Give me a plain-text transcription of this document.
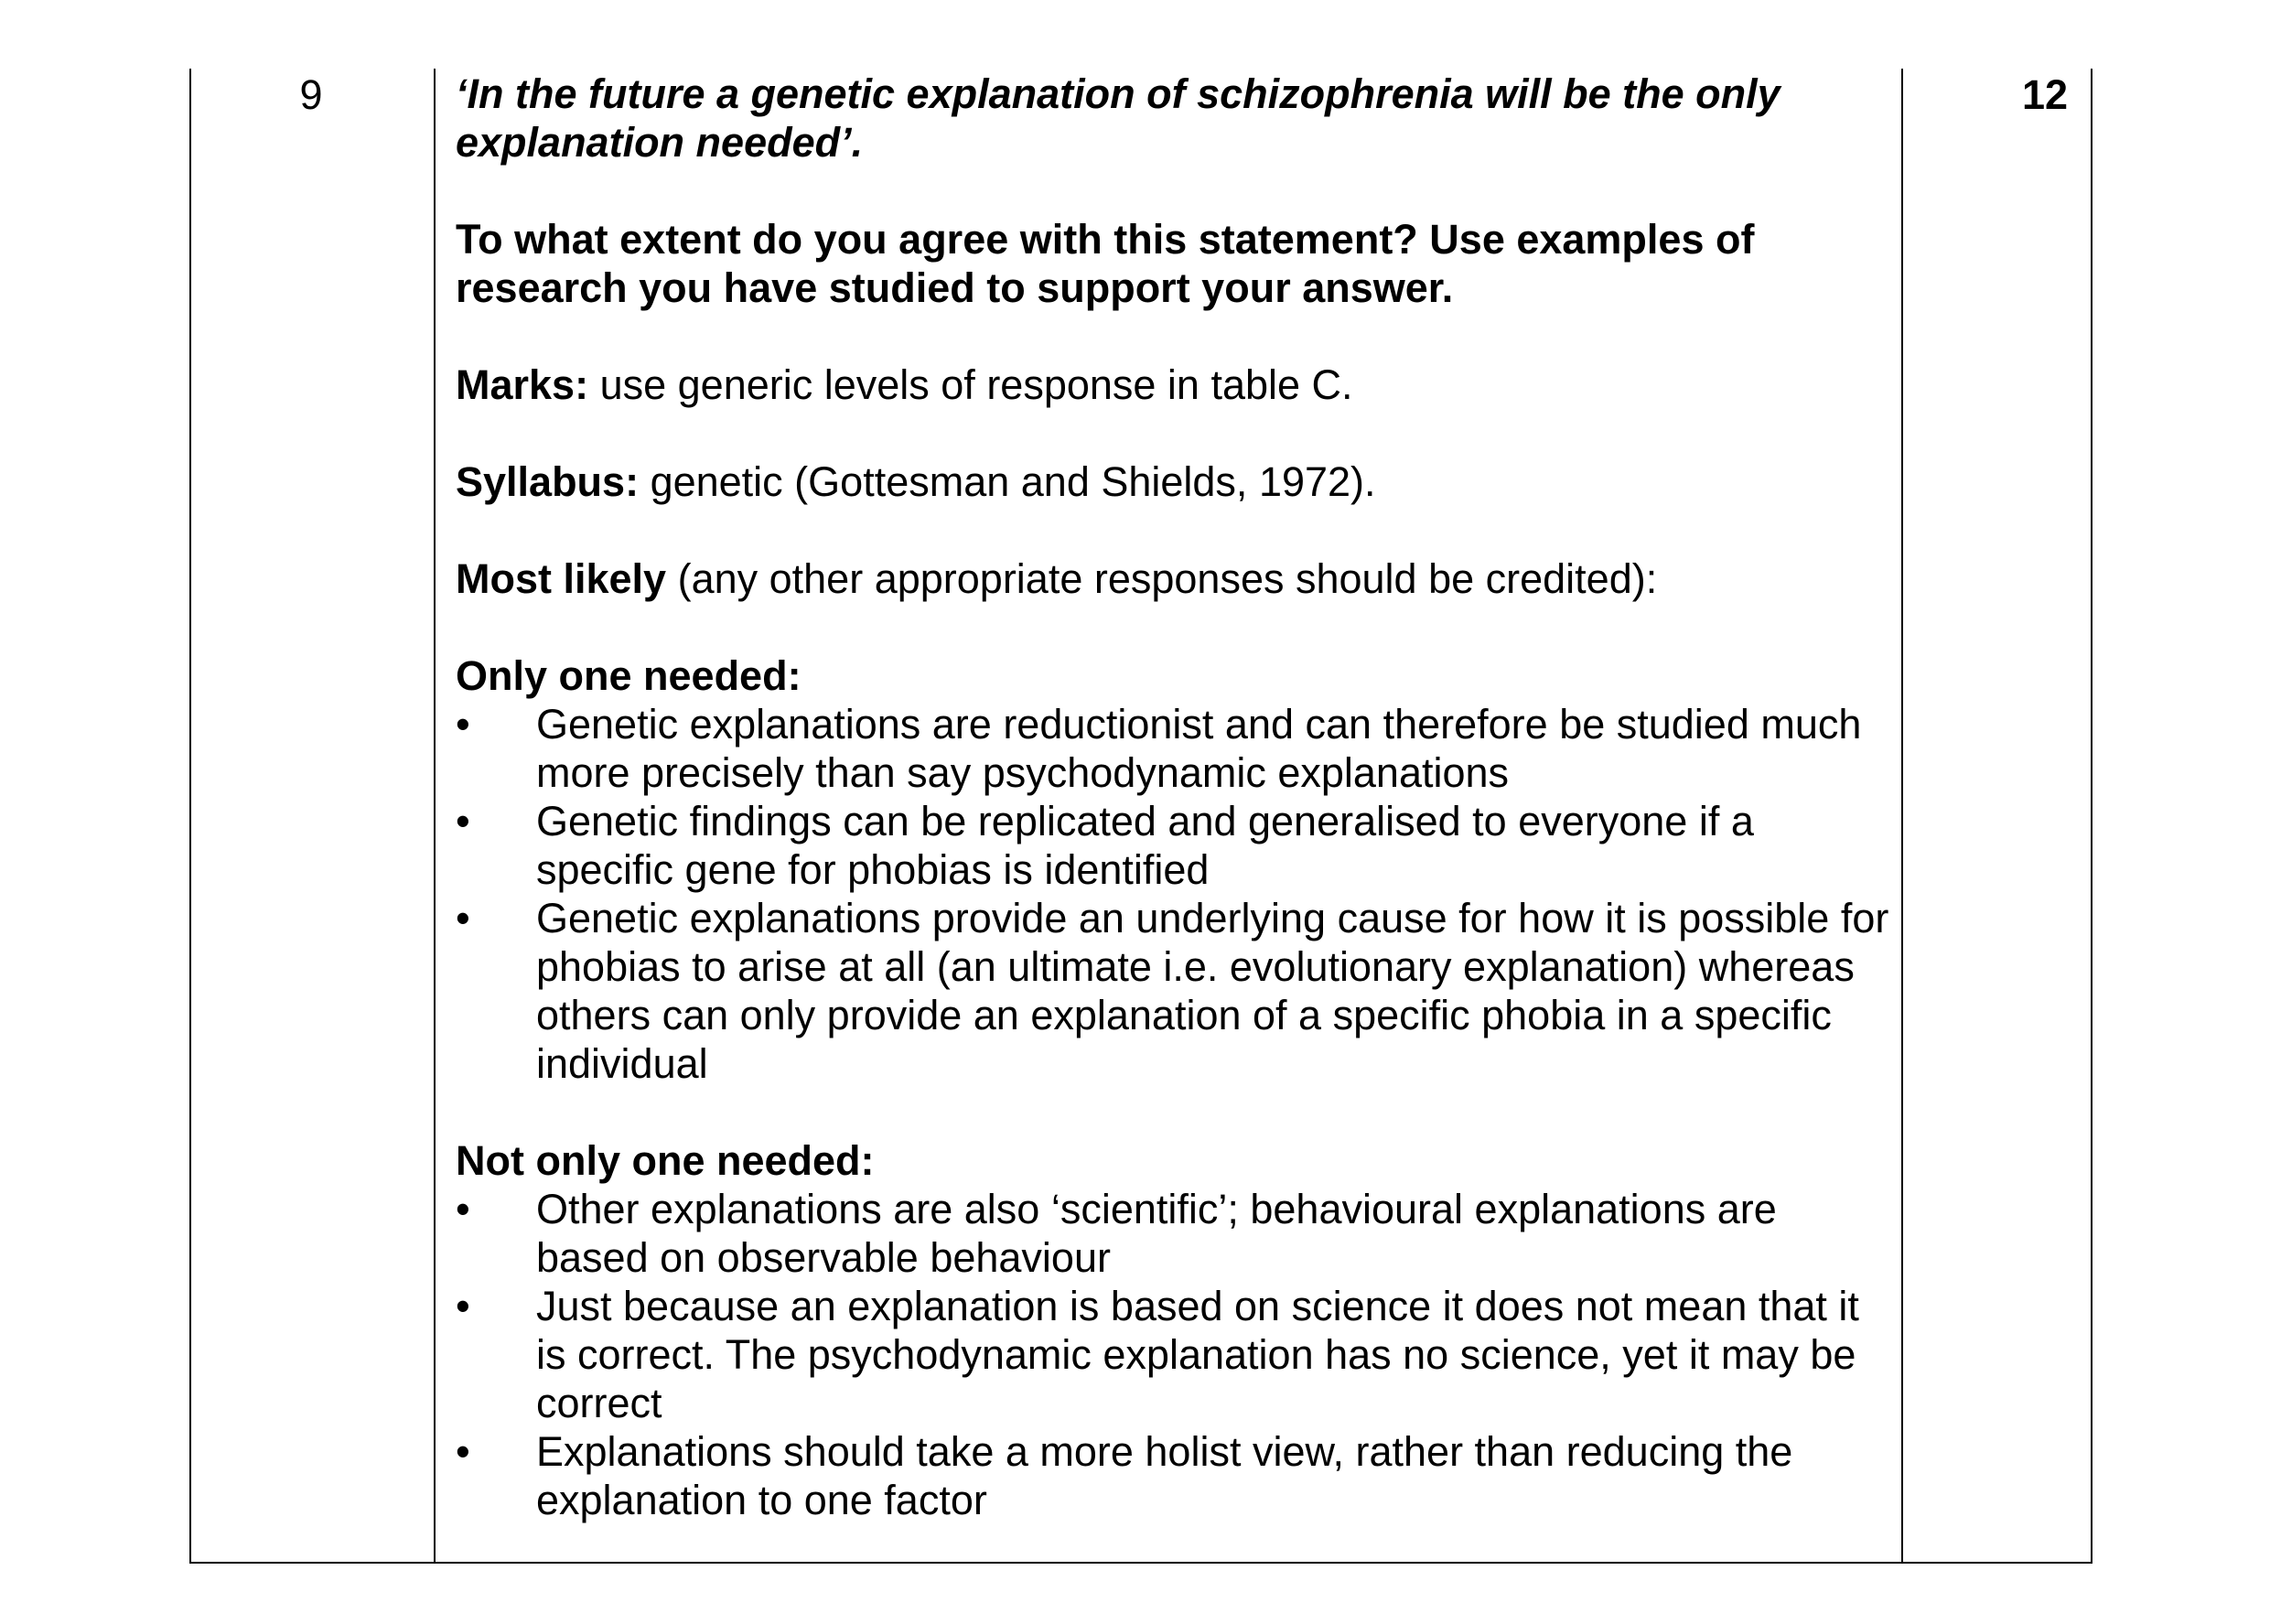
9	12

‘In the future a genetic explanation of schizophrenia will be the only explanation needed’.

To what extent do you agree with this statement? Use examples of research you have studied to support your answer.

Marks: use generic levels of response in table C.

Syllabus: genetic (Gottesman and Shields, 1972).

Most likely (any other appropriate responses should be credited):

Only one needed:

• Genetic explanations are reductionist and can therefore be studied much more precisely than say psychodynamic explanations
• Genetic findings can be replicated and generalised to everyone if a specific gene for phobias is identified
• Genetic explanations provide an underlying cause for how it is possible for phobias to arise at all (an ultimate i.e. evolutionary explanation) whereas others can only provide an explanation of a specific phobia in a specific individual

Not only one needed:

• Other explanations are also ‘scientific’; behavioural explanations are based on observable behaviour
• Just because an explanation is based on science it does not mean that it is correct. The psychodynamic explanation has no science, yet it may be correct
• Explanations should take a more holist view, rather than reducing the explanation to one factor
